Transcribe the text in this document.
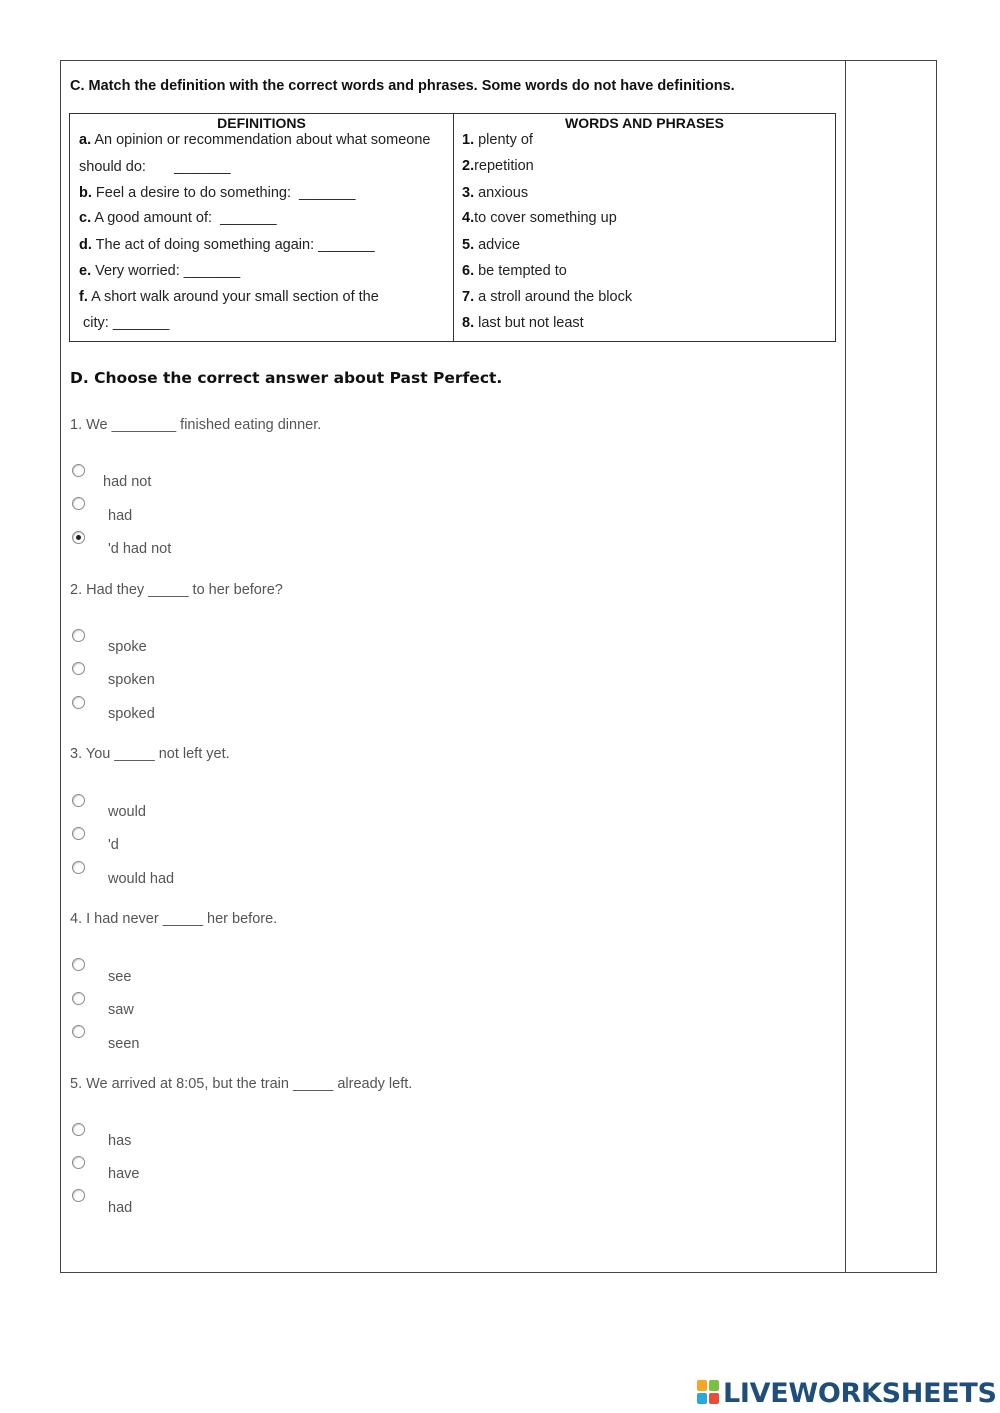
C. Match the definition with the correct words and phrases. Some words do not have definitions.
DEFINITIONS	WORDS AND PHRASES
a. An opinion or recommendation about what someone
should do:       _______
b. Feel a desire to do something:  _______
c. A good amount of:  _______
d. The act of doing something again: _______
e. Very worried: _______
f. A short walk around your small section of the
city: _______
1. plenty of
2.repetition
3. anxious
4.to cover something up
5. advice
6. be tempted to
7. a stroll around the block
8. last but not least
D. Choose the correct answer about Past Perfect.
1. We ________ finished eating dinner.
had not
had
'd had not
2. Had they _____ to her before?
spoke
spoken
spoked
3. You _____ not left yet.
would
'd
would had
4. I had never _____ her before.
see
saw
seen
5. We arrived at 8:05, but the train _____ already left.
has
have
had
LIVEWORKSHEETS
